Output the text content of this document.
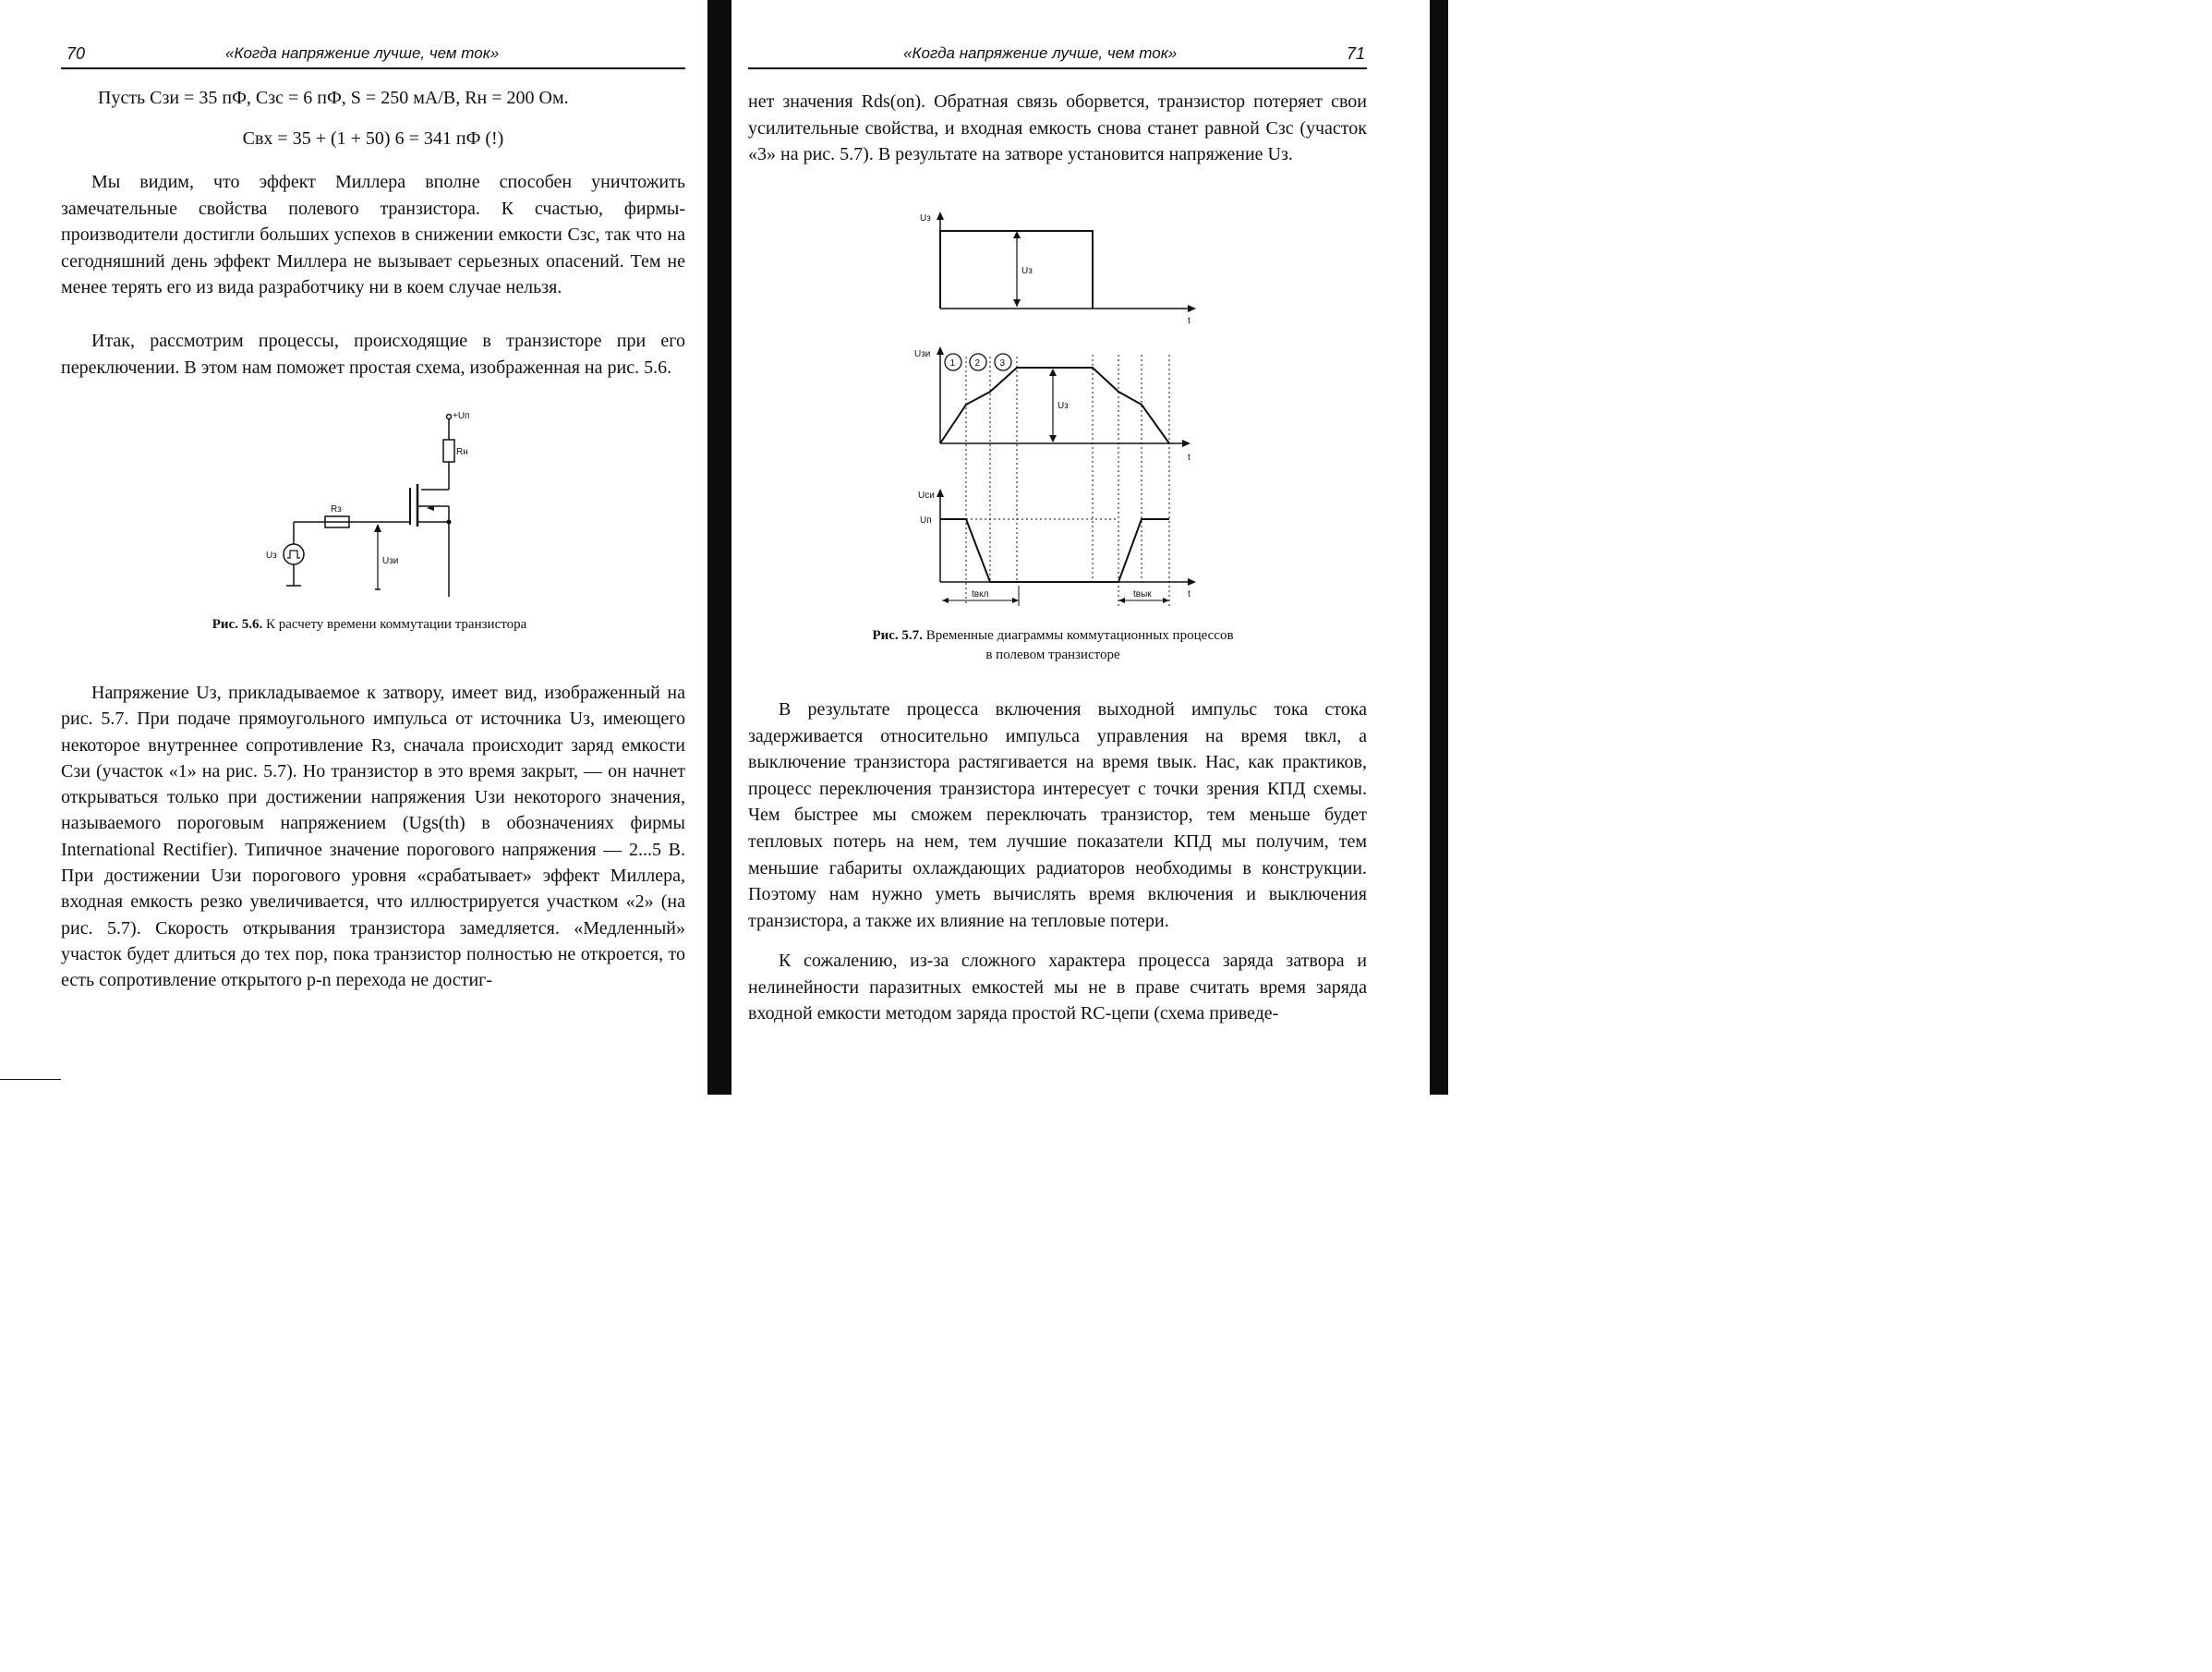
70	«Когда напряжение лучше, чем ток»
Пусть Cзи = 35 пФ, Cзс = 6 пФ, S = 250 мА/В, Rн = 200 Ом.
Cвх = 35 + (1 + 50) 6 = 341 пФ (!)

Мы видим, что эффект Миллера вполне способен уничтожить замечательные свойства полевого транзистора. К счастью, фирмы-производители достигли больших успехов в снижении емкости Cзс, так что на сегодняшний день эффект Миллера не вызывает серьезных опасений. Тем не менее терять его из вида разработчику ни в коем случае нельзя.

Итак, рассмотрим процессы, происходящие в транзисторе при его переключении. В этом нам поможет простая схема, изображенная на рис. 5.6.

+Uп
Rн
Rз
Uз
Uзи
Рис. 5.6. К расчету времени коммутации транзистора

Напряжение Uз, прикладываемое к затвору, имеет вид, изображенный на рис. 5.7. При подаче прямоугольного импульса от источника Uз, имеющего некоторое внутреннее сопротивление Rз, сначала происходит заряд емкости Cзи (участок «1» на рис. 5.7). Но транзистор в это время закрыт, — он начнет открываться только при достижении напряжения Uзи некоторого значения, называемого пороговым напряжением (Ugs(th) в обозначениях фирмы International Rectifier). Типичное значение порогового напряжения — 2...5 В. При достижении Uзи порогового уровня «срабатывает» эффект Миллера, входная емкость резко увеличивается, что иллюстрируется участком «2» (на рис. 5.7). Скорость открывания транзистора замедляется. «Медленный» участок будет длиться до тех пор, пока транзистор полностью не откроется, то есть сопротивление открытого p-n перехода не достиг-

«Когда напряжение лучше, чем ток»	71

нет значения Rds(on). Обратная связь оборвется, транзистор потеряет свои усилительные свойства, и входная емкость снова станет равной Cзс (участок «3» на рис. 5.7). В результате на затворе установится напряжение Uз.

Uз
Uз
t
Uзи
1 2 3
Uз
t
Uси
Uп
t
tвкл	tвык
Рис. 5.7. Временные диаграммы коммутационных процессов
в полевом транзисторе

В результате процесса включения выходной импульс тока стока задерживается относительно импульса управления на время tвкл, а выключение транзистора растягивается на время tвык. Нас, как практиков, процесс переключения транзистора интересует с точки зрения КПД схемы. Чем быстрее мы сможем переключать транзистор, тем меньше будет тепловых потерь на нем, тем лучшие показатели КПД мы получим, тем меньшие габариты охлаждающих радиаторов необходимы в конструкции. Поэтому нам нужно уметь вычислять время включения и выключения транзистора, а также их влияние на тепловые потери.

К сожалению, из-за сложного характера процесса заряда затвора и нелинейности паразитных емкостей мы не в праве считать время заряда входной емкости методом заряда простой RC-цепи (схема приведе-
